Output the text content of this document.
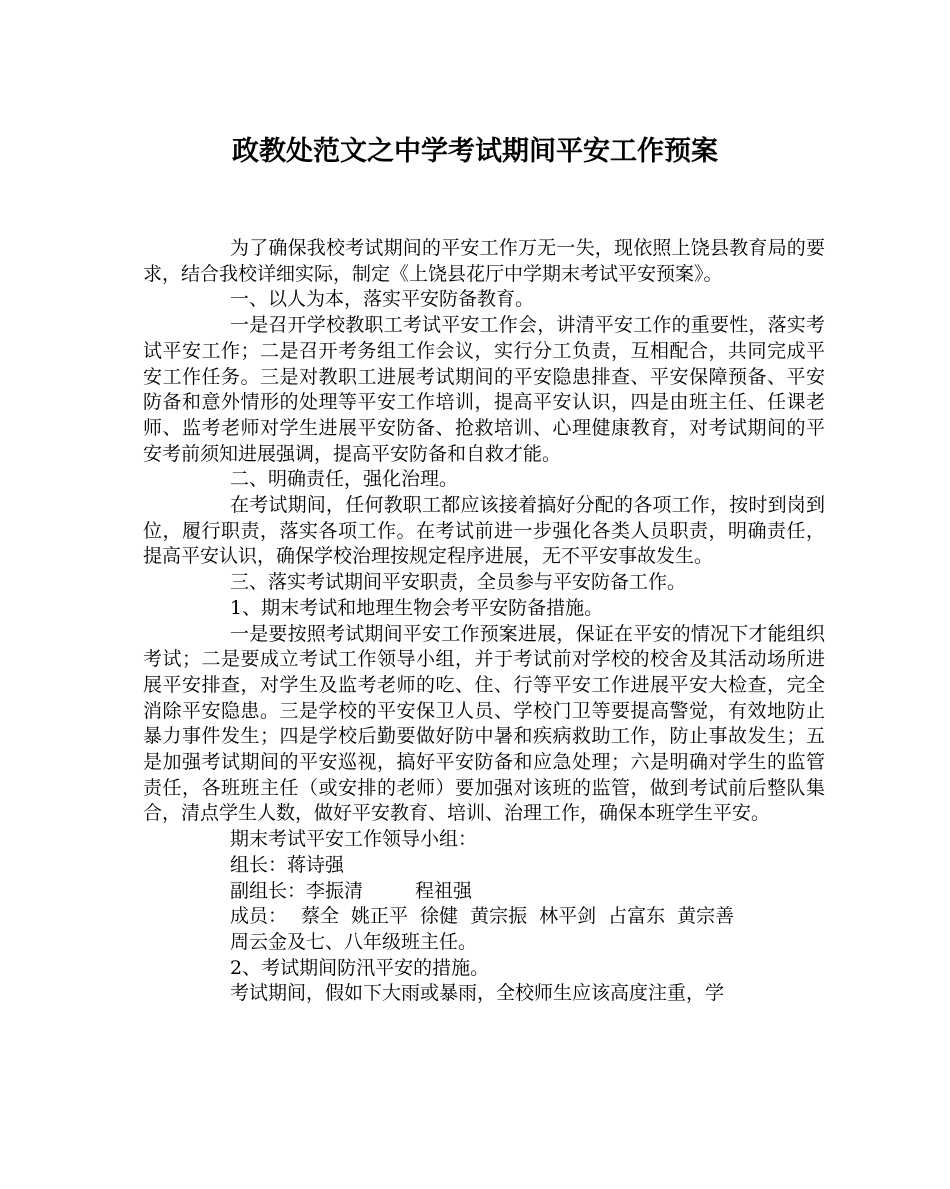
政教处范文之中学考试期间平安工作预案

为了确保我校考试期间的平安工作万无一失，现依照上饶县教育局的要求，结合我校详细实际，制定《上饶县花厅中学期末考试平安预案》。

一、以人为本，落实平安防备教育。

一是召开学校教职工考试平安工作会，讲清平安工作的重要性，落实考试平安工作；二是召开考务组工作会议，实行分工负责，互相配合，共同完成平安工作任务。三是对教职工进展考试期间的平安隐患排查、平安保障预备、平安防备和意外情形的处理等平安工作培训，提高平安认识，四是由班主任、任课老师、监考老师对学生进展平安防备、抢救培训、心理健康教育，对考试期间的平安考前须知进展强调，提高平安防备和自救才能。

二、明确责任，强化治理。

在考试期间，任何教职工都应该接着搞好分配的各项工作，按时到岗到位，履行职责，落实各项工作。在考试前进一步强化各类人员职责，明确责任，提高平安认识，确保学校治理按规定程序进展，无不平安事故发生。

三、落实考试期间平安职责，全员参与平安防备工作。

1、期末考试和地理生物会考平安防备措施。

一是要按照考试期间平安工作预案进展，保证在平安的情况下才能组织考试；二是要成立考试工作领导小组，并于考试前对学校的校舍及其活动场所进展平安排查，对学生及监考老师的吃、住、行等平安工作进展平安大检查，完全消除平安隐患。三是学校的平安保卫人员、学校门卫等要提高警觉，有效地防止暴力事件发生；四是学校后勤要做好防中暑和疾病救助工作，防止事故发生；五是加强考试期间的平安巡视，搞好平安防备和应急处理；六是明确对学生的监管责任，各班班主任（或安排的老师）要加强对该班的监管，做到考试前后整队集合，清点学生人数，做好平安教育、培训、治理工作，确保本班学生平安。

期末考试平安工作领导小组：

组长：蒋诗强

副组长：李振清	程祖强

成员： 蔡全 姚正平 徐健 黄宗振 林平剑 占富东 黄宗善

周云金及七、八年级班主任。

2、考试期间防汛平安的措施。

考试期间，假如下大雨或暴雨，全校师生应该高度注重，学
